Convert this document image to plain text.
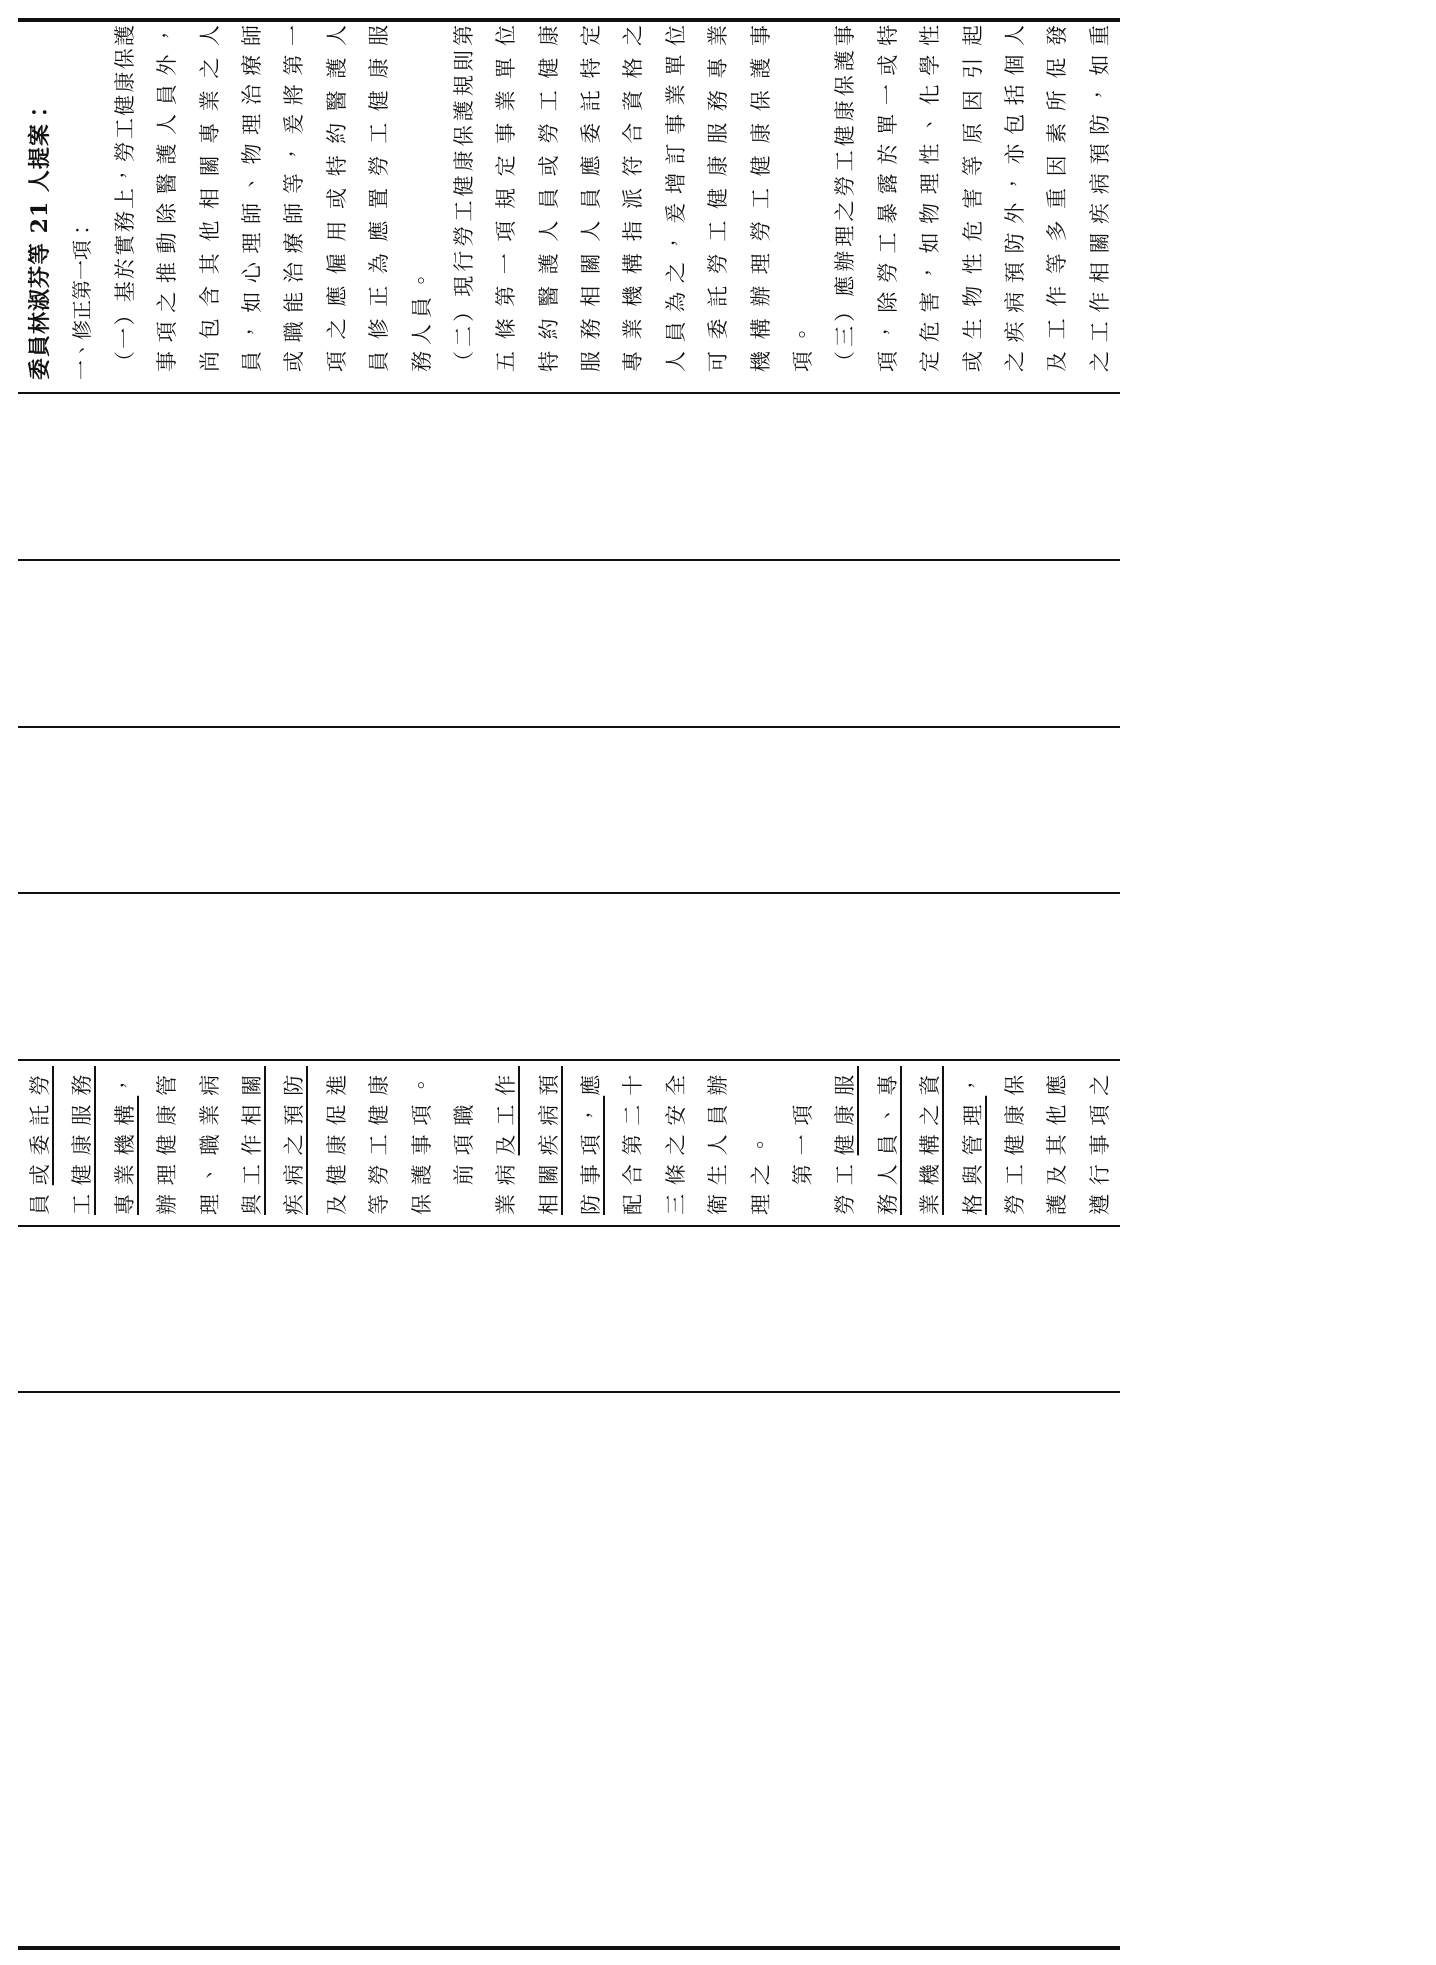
員或委託勞 工健康服務 專業機構， 辦理健康管 理、職業病 與工作相關 疾病之預防 及健康促進 等勞工健康 保護事項。 　前項職 業病及工作 相關疾病預 防事項，應 配合第二十 三條之安全 衛生人員辦 理之。 　第一項 勞工健康服 務人員、專 業機構之資 格與管理， 勞工健康保 護及其他應 遵行事項之
委員林淑芬等 21 人提案： 一、修正第一項： （一）基於實務上，勞工健康保護 事項之推動除醫護人員外， 尚包含其他相關專業之人 員，如心理師、物理治療師 或職能治療師等，爰將第一 項之應僱用或特約醫護人 員修正為應置勞工健康服 務人員。 （二）現行勞工健康保護規則第 五條第一項規定事業單位 特約醫護人員或勞工健康 服務相關人員應委託特定 專業機構指派符合資格之 人員為之，爰增訂事業單位 可委託勞工健康服務專業 機構辦理勞工健康保護事 項。 （三）應辦理之勞工健康保護事 項，除勞工暴露於單一或特 定危害，如物理性、化學性 或生物性危害等原因引起 之疾病預防外，亦包括個人 及工作等多重因素所促發 之工作相關疾病預防，如重
